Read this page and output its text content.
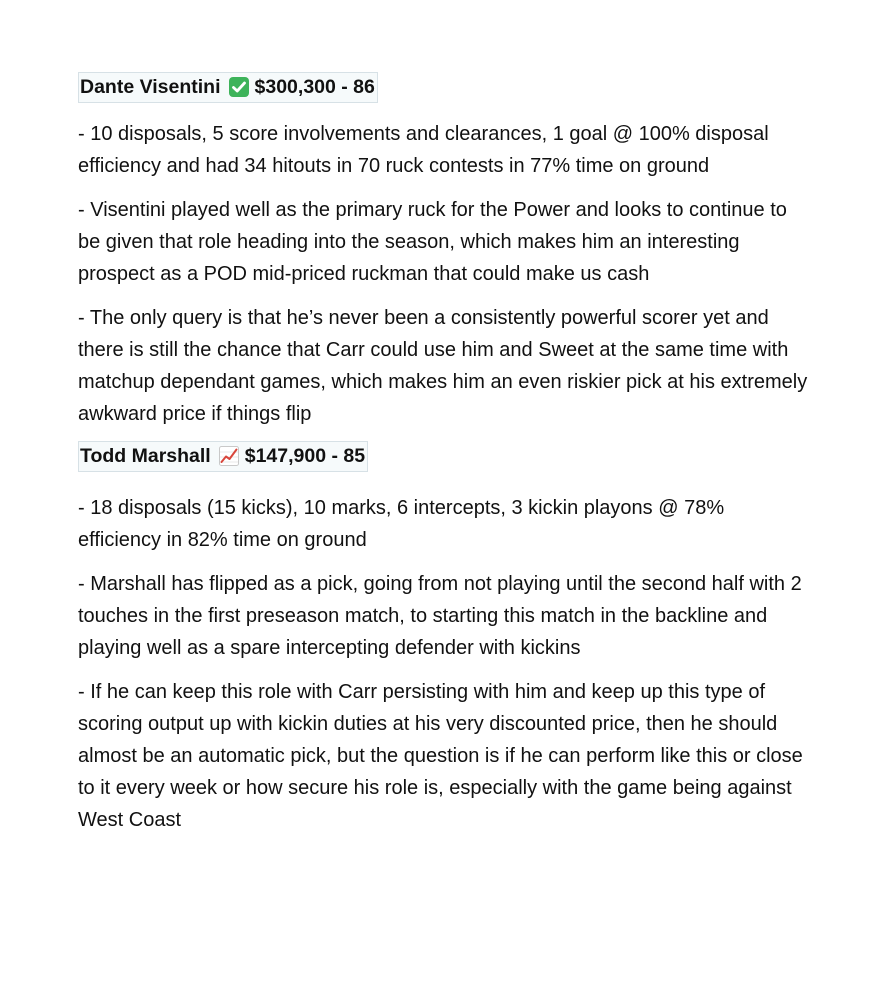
Dante Visentini $300,300 - 86

- 10 disposals, 5 score involvements and clearances, 1 goal @ 100% disposal efficiency and had 34 hitouts in 70 ruck contests in 77% time on ground

- Visentini played well as the primary ruck for the Power and looks to continue to be given that role heading into the season, which makes him an interesting prospect as a POD mid-priced ruckman that could make us cash

- The only query is that he’s never been a consistently powerful scorer yet and there is still the chance that Carr could use him and Sweet at the same time with matchup dependant games, which makes him an even riskier pick at his extremely awkward price if things flip

Todd Marshall $147,900 - 85

- 18 disposals (15 kicks), 10 marks, 6 intercepts, 3 kickin playons @ 78% efficiency in 82% time on ground

- Marshall has flipped as a pick, going from not playing until the second half with 2 touches in the first preseason match, to starting this match in the backline and playing well as a spare intercepting defender with kickins

- If he can keep this role with Carr persisting with him and keep up this type of scoring output up with kickin duties at his very discounted price, then he should almost be an automatic pick, but the question is if he can perform like this or close to it every week or how secure his role is, especially with the game being against West Coast
